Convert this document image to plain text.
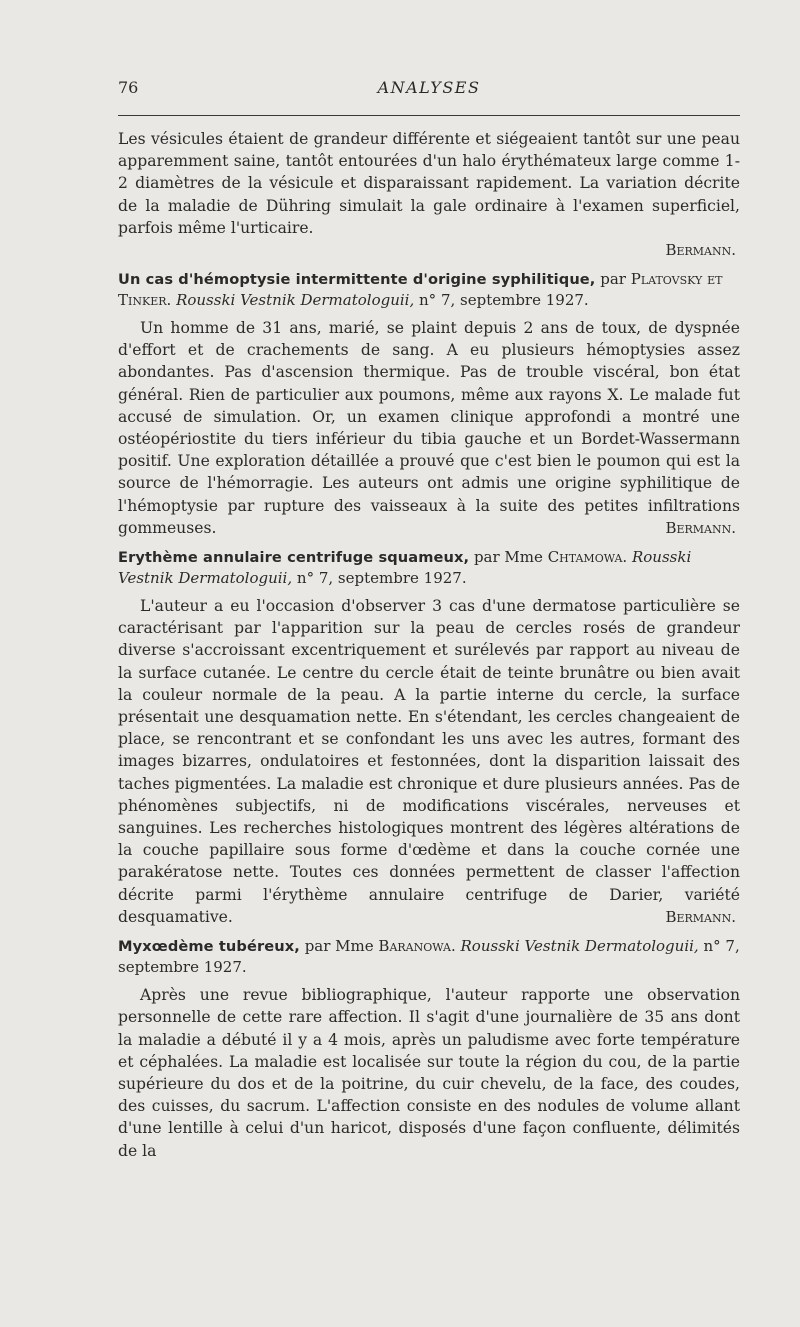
76	ANALYSES

Les vésicules étaient de grandeur différente et siégeaient tantôt sur une peau apparemment saine, tantôt entourées d'un halo érythémateux large comme 1-2 diamètres de la vésicule et disparaissant rapidement. La variation décrite de la maladie de Dühring simulait la gale ordinaire à l'examen superficiel, parfois même l'urticaire.

Bermann.

Un cas d'hémoptysie intermittente d'origine syphilitique, par Platovsky et Tinker. Rousski Vestnik Dermatologuii, n° 7, septembre 1927.

Un homme de 31 ans, marié, se plaint depuis 2 ans de toux, de dyspnée d'effort et de crachements de sang. A eu plusieurs hémoptysies assez abondantes. Pas d'ascension thermique. Pas de trouble viscéral, bon état général. Rien de particulier aux poumons, même aux rayons X. Le malade fut accusé de simulation. Or, un examen clinique approfondi a montré une ostéopériostite du tiers inférieur du tibia gauche et un Bordet-Wassermann positif. Une exploration détaillée a prouvé que c'est bien le poumon qui est la source de l'hémorragie. Les auteurs ont admis une origine syphilitique de l'hémoptysie par rupture des vaisseaux à la suite des petites infiltrations gommeuses.	Bermann.

Erythème annulaire centrifuge squameux, par Mme Chtamowa. Rousski Vestnik Dermatologuii, n° 7, septembre 1927.

L'auteur a eu l'occasion d'observer 3 cas d'une dermatose particulière se caractérisant par l'apparition sur la peau de cercles rosés de grandeur diverse s'accroissant excentriquement et surélevés par rapport au niveau de la surface cutanée. Le centre du cercle était de teinte brunâtre ou bien avait la couleur normale de la peau. A la partie interne du cercle, la surface présentait une desquamation nette. En s'étendant, les cercles changeaient de place, se rencontrant et se confondant les uns avec les autres, formant des images bizarres, ondulatoires et festonnées, dont la disparition laissait des taches pigmentées. La maladie est chronique et dure plusieurs années. Pas de phénomènes subjectifs, ni de modifications viscérales, nerveuses et sanguines. Les recherches histologiques montrent des légères altérations de la couche papillaire sous forme d'œdème et dans la couche cornée une parakératose nette. Toutes ces données permettent de classer l'affection décrite parmi l'érythème annulaire centrifuge de Darier, variété desquamative.	Bermann.

Myxœdème tubéreux, par Mme Baranowa. Rousski Vestnik Dermatologuii, n° 7, septembre 1927.

Après une revue bibliographique, l'auteur rapporte une observation personnelle de cette rare affection. Il s'agit d'une journalière de 35 ans dont la maladie a débuté il y a 4 mois, après un paludisme avec forte température et céphalées. La maladie est localisée sur toute la région du cou, de la partie supérieure du dos et de la poitrine, du cuir chevelu, de la face, des coudes, des cuisses, du sacrum. L'affection consiste en des nodules de volume allant d'une lentille à celui d'un haricot, disposés d'une façon confluente, délimités de la
